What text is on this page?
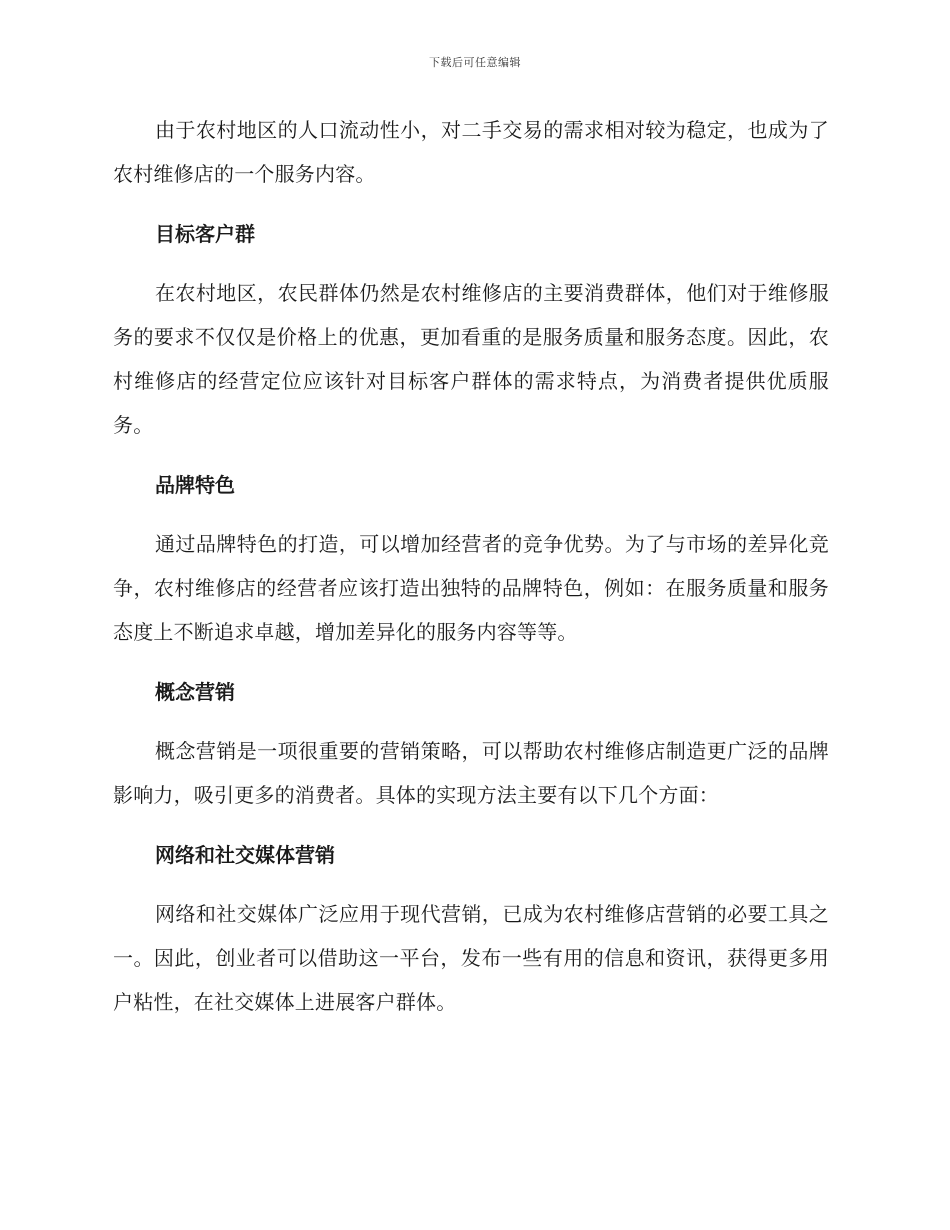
下载后可任意编辑

由于农村地区的人口流动性小，对二手交易的需求相对较为稳定，也成为了农村维修店的一个服务内容。

目标客户群

在农村地区，农民群体仍然是农村维修店的主要消费群体，他们对于维修服务的要求不仅仅是价格上的优惠，更加看重的是服务质量和服务态度。因此，农村维修店的经营定位应该针对目标客户群体的需求特点，为消费者提供优质服务。

品牌特色

通过品牌特色的打造，可以增加经营者的竞争优势。为了与市场的差异化竞争，农村维修店的经营者应该打造出独特的品牌特色，例如：在服务质量和服务态度上不断追求卓越，增加差异化的服务内容等等。

概念营销

概念营销是一项很重要的营销策略，可以帮助农村维修店制造更广泛的品牌影响力，吸引更多的消费者。具体的实现方法主要有以下几个方面：

网络和社交媒体营销

网络和社交媒体广泛应用于现代营销，已成为农村维修店营销的必要工具之一。因此，创业者可以借助这一平台，发布一些有用的信息和资讯，获得更多用户粘性，在社交媒体上进展客户群体。
